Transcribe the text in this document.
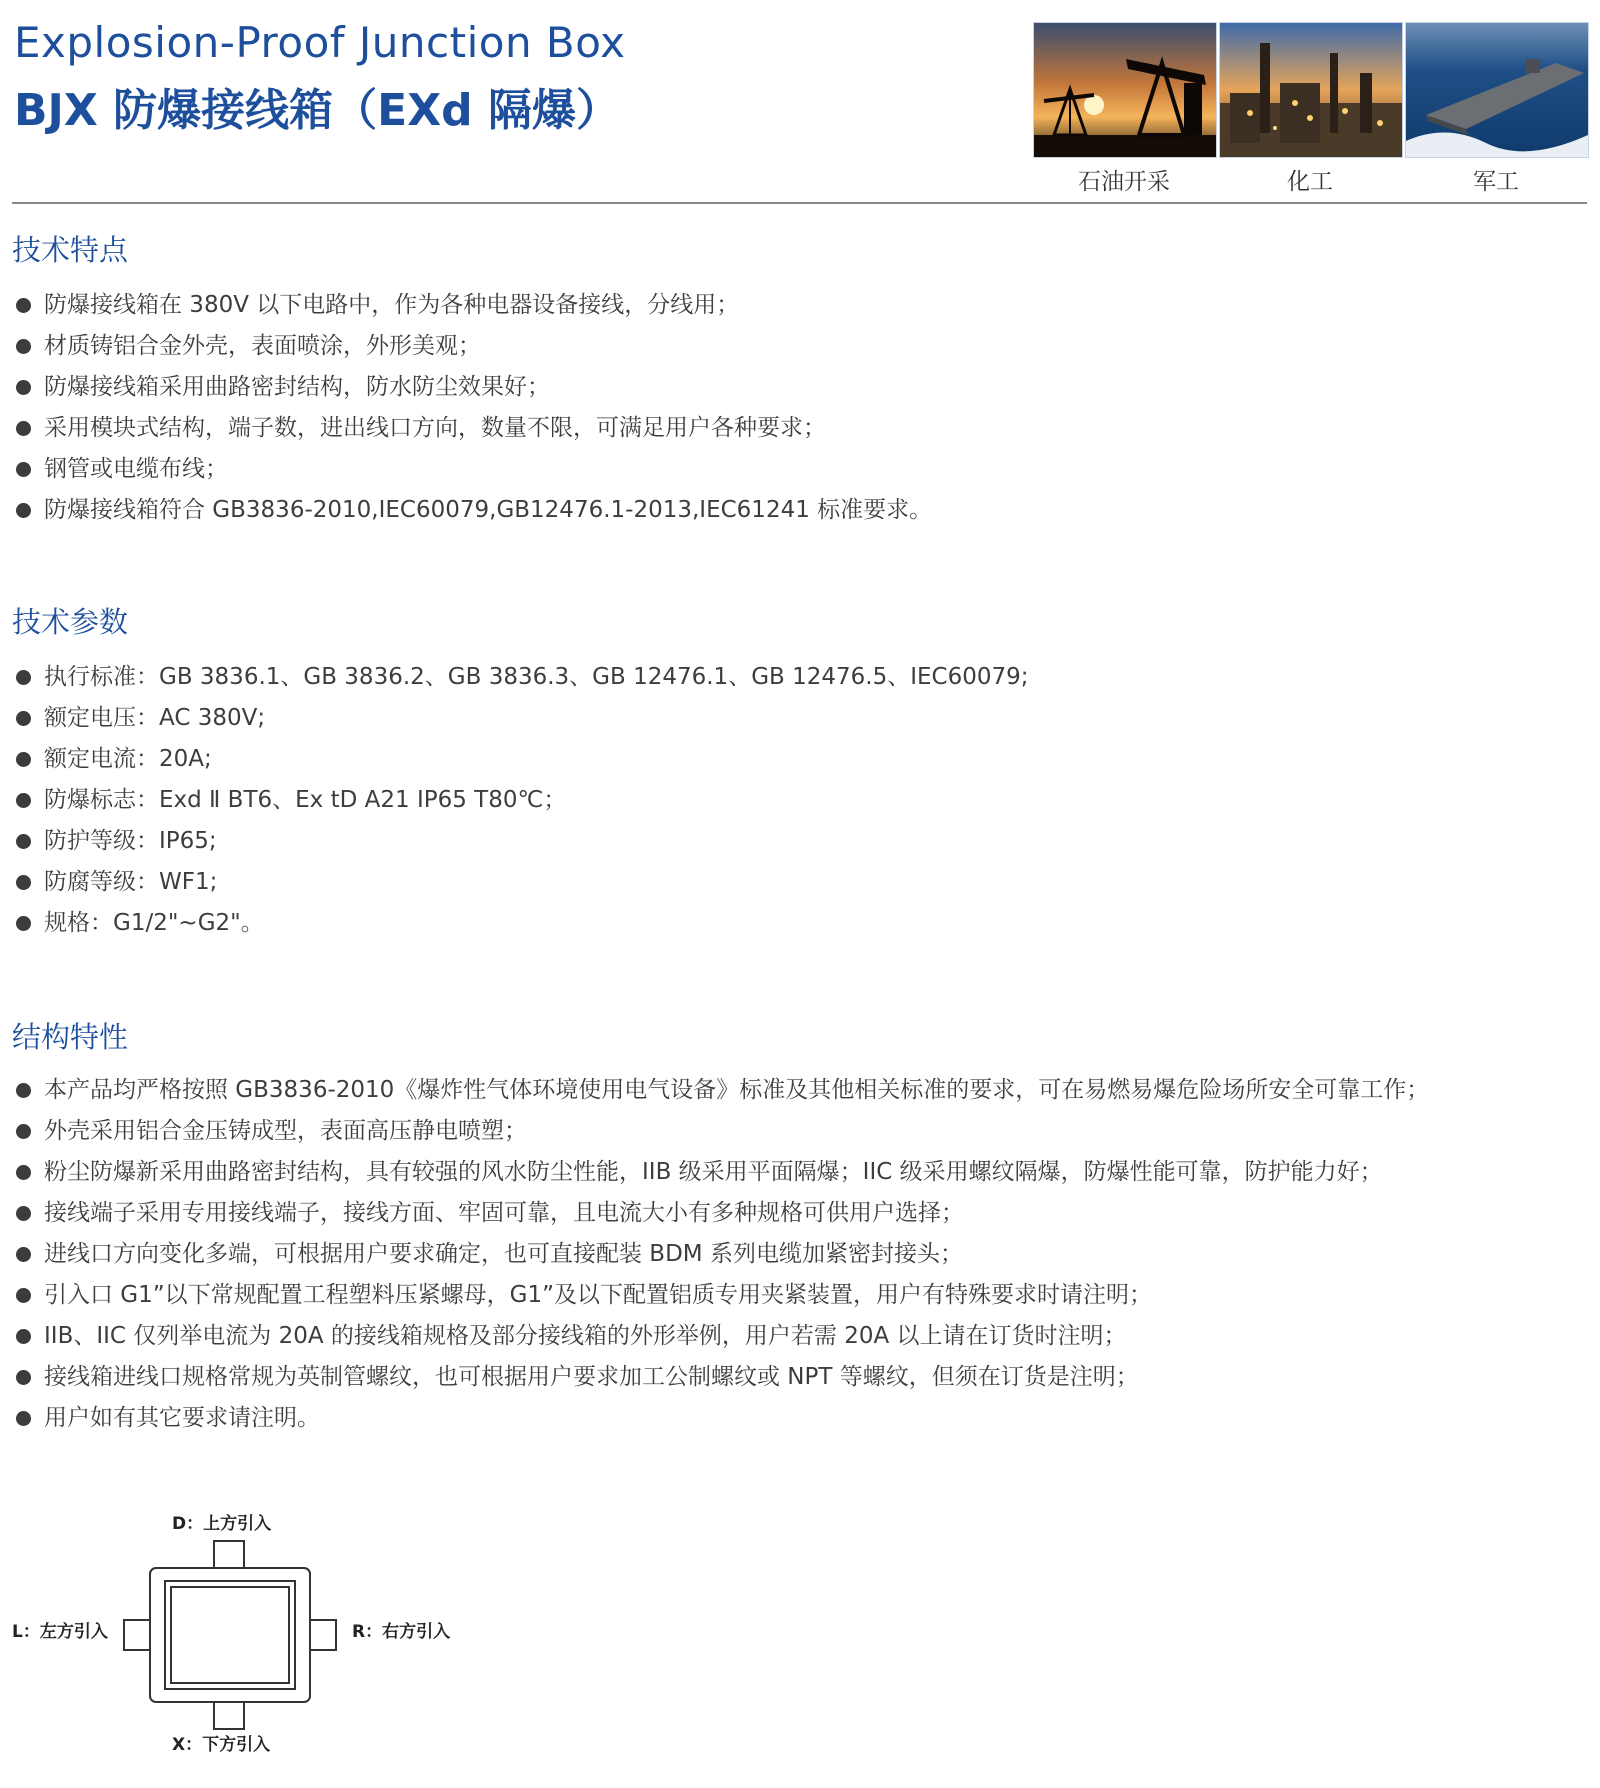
Explosion-Proof Junction Box
BJX 防爆接线箱（EXd 隔爆）
石油开采	化工	军工
技术特点
防爆接线箱在 380V 以下电路中，作为各种电器设备接线，分线用；
材质铸铝合金外壳，表面喷涂，外形美观；
防爆接线箱采用曲路密封结构，防水防尘效果好；
采用模块式结构，端子数，进出线口方向，数量不限，可满足用户各种要求；
钢管或电缆布线；
防爆接线箱符合 GB3836-2010,IEC60079,GB12476.1-2013,IEC61241 标准要求。
技术参数
执行标准：GB 3836.1、GB 3836.2、GB 3836.3、GB 12476.1、GB 12476.5、IEC60079;
额定电压：AC 380V;
额定电流：20A;
防爆标志：Exd Ⅱ BT6、Ex tD A21 IP65 T80℃；
防护等级：IP65;
防腐等级：WF1;
规格：G1/2"~G2"。
结构特性
本产品均严格按照 GB3836-2010《爆炸性气体环境使用电气设备》标准及其他相关标准的要求，可在易燃易爆危险场所安全可靠工作；
外壳采用铝合金压铸成型，表面高压静电喷塑；
粉尘防爆新采用曲路密封结构，具有较强的风水防尘性能，IIB 级采用平面隔爆；IIC 级采用螺纹隔爆，防爆性能可靠，防护能力好；
接线端子采用专用接线端子，接线方面、牢固可靠，且电流大小有多种规格可供用户选择；
进线口方向变化多端，可根据用户要求确定，也可直接配装 BDM 系列电缆加紧密封接头；
引入口 G1”以下常规配置工程塑料压紧螺母，G1”及以下配置铝质专用夹紧装置，用户有特殊要求时请注明；
IIB、IIC 仅列举电流为 20A 的接线箱规格及部分接线箱的外形举例，用户若需 20A 以上请在订货时注明；
接线箱进线口规格常规为英制管螺纹，也可根据用户要求加工公制螺纹或 NPT 等螺纹，但须在订货是注明；
用户如有其它要求请注明。
D：上方引入
L：左方引入	R：右方引入
X：下方引入
